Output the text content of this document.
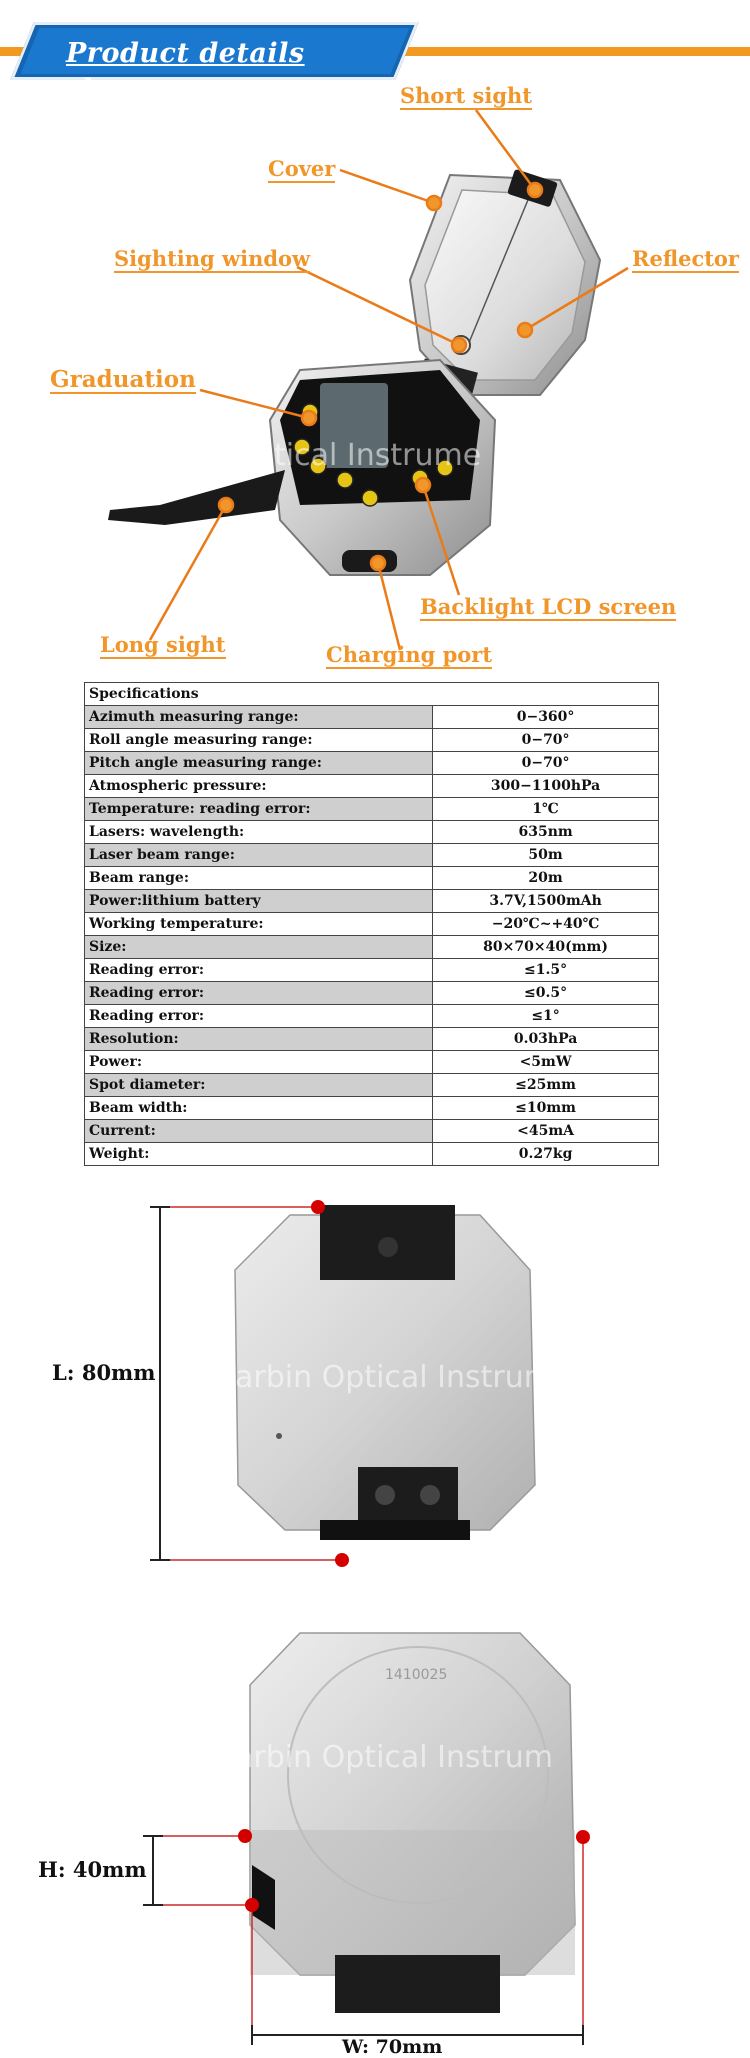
Product details show
ptical Instrume
Short sight
Cover
Sighting window	Reflector
Graduation
Long sight	Charging port
Backlight LCD screen
Specifications	
Azimuth measuring range:	0−360°
Roll angle measuring range:	0−70°
Pitch angle measuring range:	0−70°
Atmospheric pressure:	300−1100hPa
Temperature: reading error:	1℃
Lasers: wavelength:	635nm
Laser beam range:	50m
Beam range:	20m
Power:lithium battery	3.7V,1500mAh
Working temperature:	−20℃~+40℃
Size:	80×70×40(mm)
Reading error:	≤1.5°
Reading error:	≤0.5°
Reading error:	≤1°
Resolution:	0.03hPa
Power:	<5mW
Spot diameter:	≤25mm
Beam width:	≤10mm
Current:	<45mA
Weight:	0.27kg
L: 80mm	arbin Optical Instrum
1410025
arbin Optical Instrum
H: 40mm
W: 70mm
